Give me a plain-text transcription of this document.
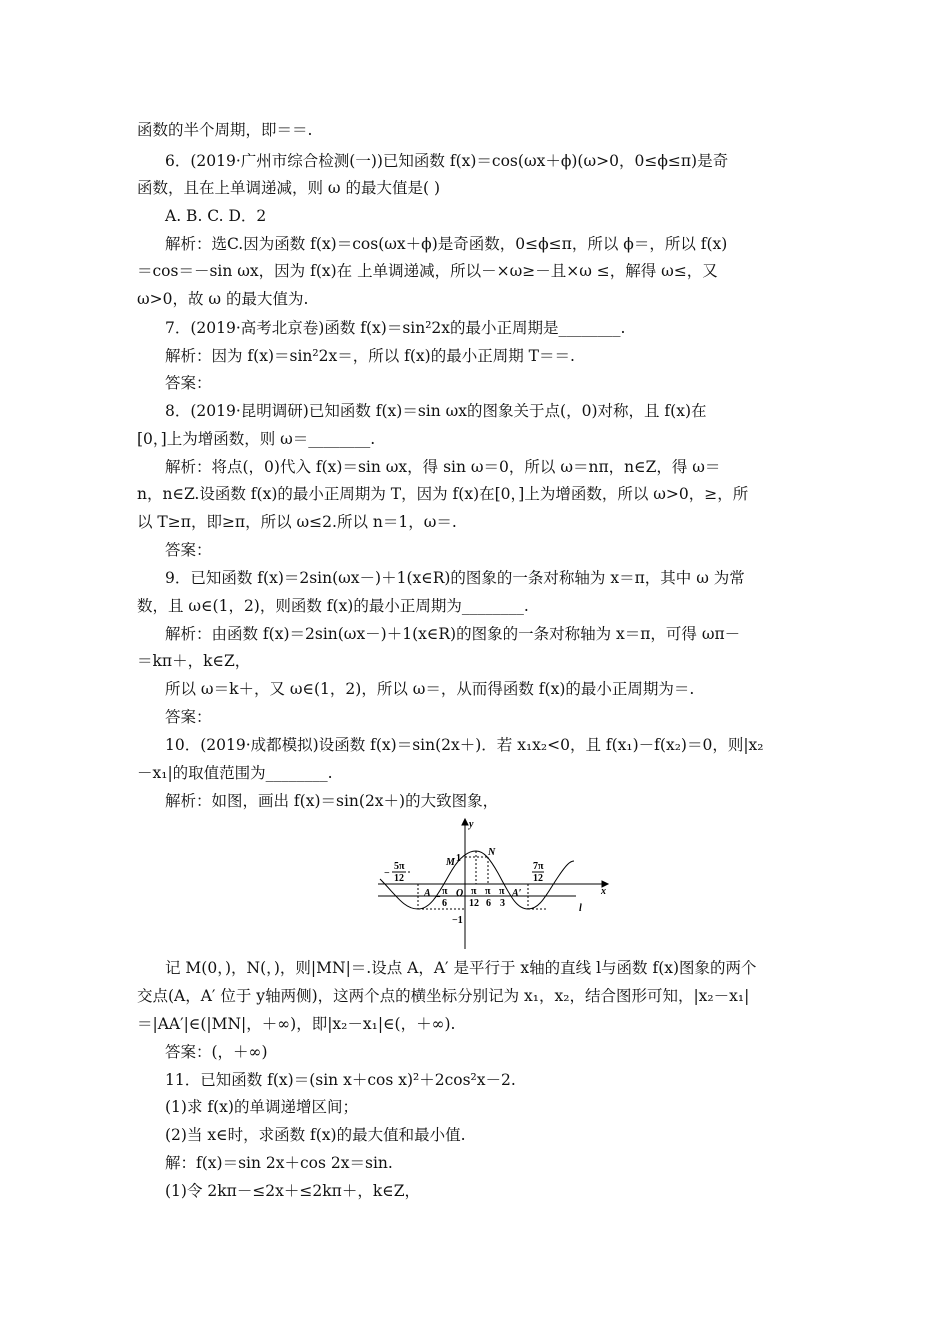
函数的半个周期，即＝＝.
6．(2019·广州市综合检测(一))已知函数 f(x)＝cos(ωx＋ϕ)(ω>0，0≤ϕ≤π)是奇
函数，且在上单调递减，则 ω 的最大值是( )
A. B. C. D．2
解析：选C.因为函数 f(x)＝cos(ωx＋ϕ)是奇函数，0≤ϕ≤π，所以 ϕ＝，所以 f(x)
＝cos＝－sin ωx，因为 f(x)在 上单调递减，所以－×ω≥－且×ω ≤，解得 ω≤，又
ω>0，故 ω 的最大值为.
7．(2019·高考北京卷)函数 f(x)＝sin²2x的最小正周期是________.
解析：因为 f(x)＝sin²2x＝，所以 f(x)的最小正周期 T＝＝.
答案：
8．(2019·昆明调研)已知函数 f(x)＝sin ωx的图象关于点(，0)对称，且 f(x)在
[0，]上为增函数，则 ω＝________.
解析：将点(，0)代入 f(x)＝sin ωx，得 sin ω＝0，所以 ω＝nπ，n∈Z，得 ω＝
n，n∈Z.设函数 f(x)的最小正周期为 T，因为 f(x)在[0，]上为增函数，所以 ω>0，≥，所
以 T≥π，即≥π，所以 ω≤2.所以 n＝1，ω＝.
答案：
9．已知函数 f(x)＝2sin(ωx－)＋1(x∈R)的图象的一条对称轴为 x＝π，其中 ω 为常
数，且 ω∈(1，2)，则函数 f(x)的最小正周期为________.
解析：由函数 f(x)＝2sin(ωx－)＋1(x∈R)的图象的一条对称轴为 x＝π，可得 ωπ－
＝kπ＋，k∈Z，
所以 ω＝k＋，又 ω∈(1，2)，所以 ω＝，从而得函数 f(x)的最小正周期为＝.
答案：
10．(2019·成都模拟)设函数 f(x)＝sin(2x＋)．若 x₁x₂<0，且 f(x₁)－f(x₂)＝0，则|x₂
－x₁|的取值范围为________.
解析：如图，画出 f(x)＝sin(2x＋)的大致图象，
y
x
1
−1
M
N
O
A	A′
l
−
5π
12
7π
12
−
π
6
π
12
π
6
π
3
记 M(0，)，N(，)，则|MN|＝.设点 A，A′ 是平行于 x轴的直线 l与函数 f(x)图象的两个
交点(A，A′ 位于 y轴两侧)，这两个点的横坐标分别记为 x₁，x₂，结合图形可知，|x₂－x₁|
＝|AA′|∈(|MN|，＋∞)，即|x₂－x₁|∈(，＋∞).
答案：(，＋∞)
11．已知函数 f(x)＝(sin x＋cos x)²＋2cos²x－2.
(1)求 f(x)的单调递增区间；
(2)当 x∈时，求函数 f(x)的最大值和最小值.
解：f(x)＝sin 2x＋cos 2x＝sin.
(1)令 2kπ－≤2x＋≤2kπ＋，k∈Z，
